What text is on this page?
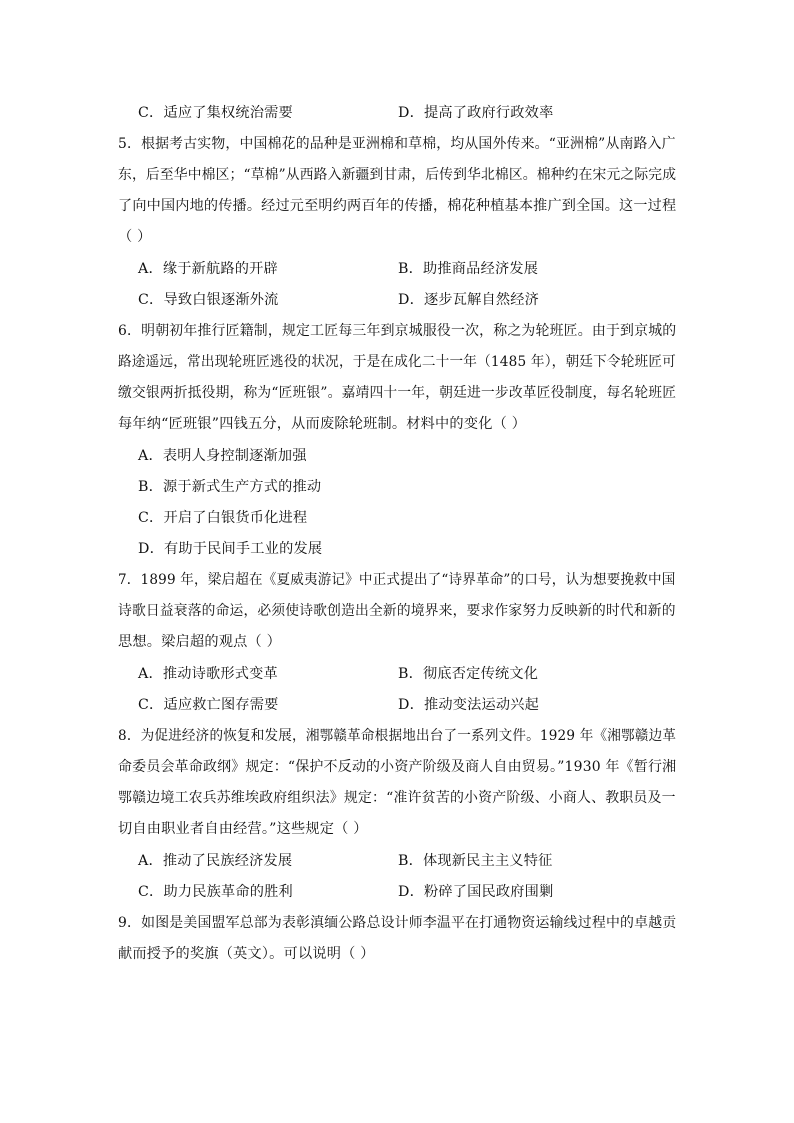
C．适应了集权统治需要	D．提高了政府行政效率
5．根据考古实物，中国棉花的品种是亚洲棉和草棉，均从国外传来。“亚洲棉”从南路入广
东，后至华中棉区；“草棉”从西路入新疆到甘肃，后传到华北棉区。棉种约在宋元之际完成
了向中国内地的传播。经过元至明约两百年的传播，棉花种植基本推广到全国。这一过程
（ ）
A．缘于新航路的开辟	B．助推商品经济发展
C．导致白银逐渐外流	D．逐步瓦解自然经济
6．明朝初年推行匠籍制，规定工匠每三年到京城服役一次，称之为轮班匠。由于到京城的
路途遥远，常出现轮班匠逃役的状况，于是在成化二十一年（1485 年），朝廷下令轮班匠可
缴交银两折抵役期，称为“匠班银”。嘉靖四十一年，朝廷进一步改革匠役制度，每名轮班匠
每年纳“匠班银”四钱五分，从而废除轮班制。材料中的变化（ ）
A．表明人身控制逐渐加强
B．源于新式生产方式的推动
C．开启了白银货币化进程
D．有助于民间手工业的发展
7．1899 年，梁启超在《夏威夷游记》中正式提出了“诗界革命”的口号，认为想要挽救中国
诗歌日益衰落的命运，必须使诗歌创造出全新的境界来，要求作家努力反映新的时代和新的
思想。梁启超的观点（ ）
A．推动诗歌形式变革	B．彻底否定传统文化
C．适应救亡图存需要	D．推动变法运动兴起
8．为促进经济的恢复和发展，湘鄂赣革命根据地出台了一系列文件。1929 年《湘鄂赣边革
命委员会革命政纲》规定：“保护不反动的小资产阶级及商人自由贸易。”1930 年《暂行湘
鄂赣边境工农兵苏维埃政府组织法》规定：“准许贫苦的小资产阶级、小商人、教职员及一
切自由职业者自由经营。”这些规定（ ）
A．推动了民族经济发展	B．体现新民主主义特征
C．助力民族革命的胜利	D．粉碎了国民政府围剿
9．如图是美国盟军总部为表彰滇缅公路总设计师李温平在打通物资运输线过程中的卓越贡
献而授予的奖旗（英文）。可以说明（ ）
